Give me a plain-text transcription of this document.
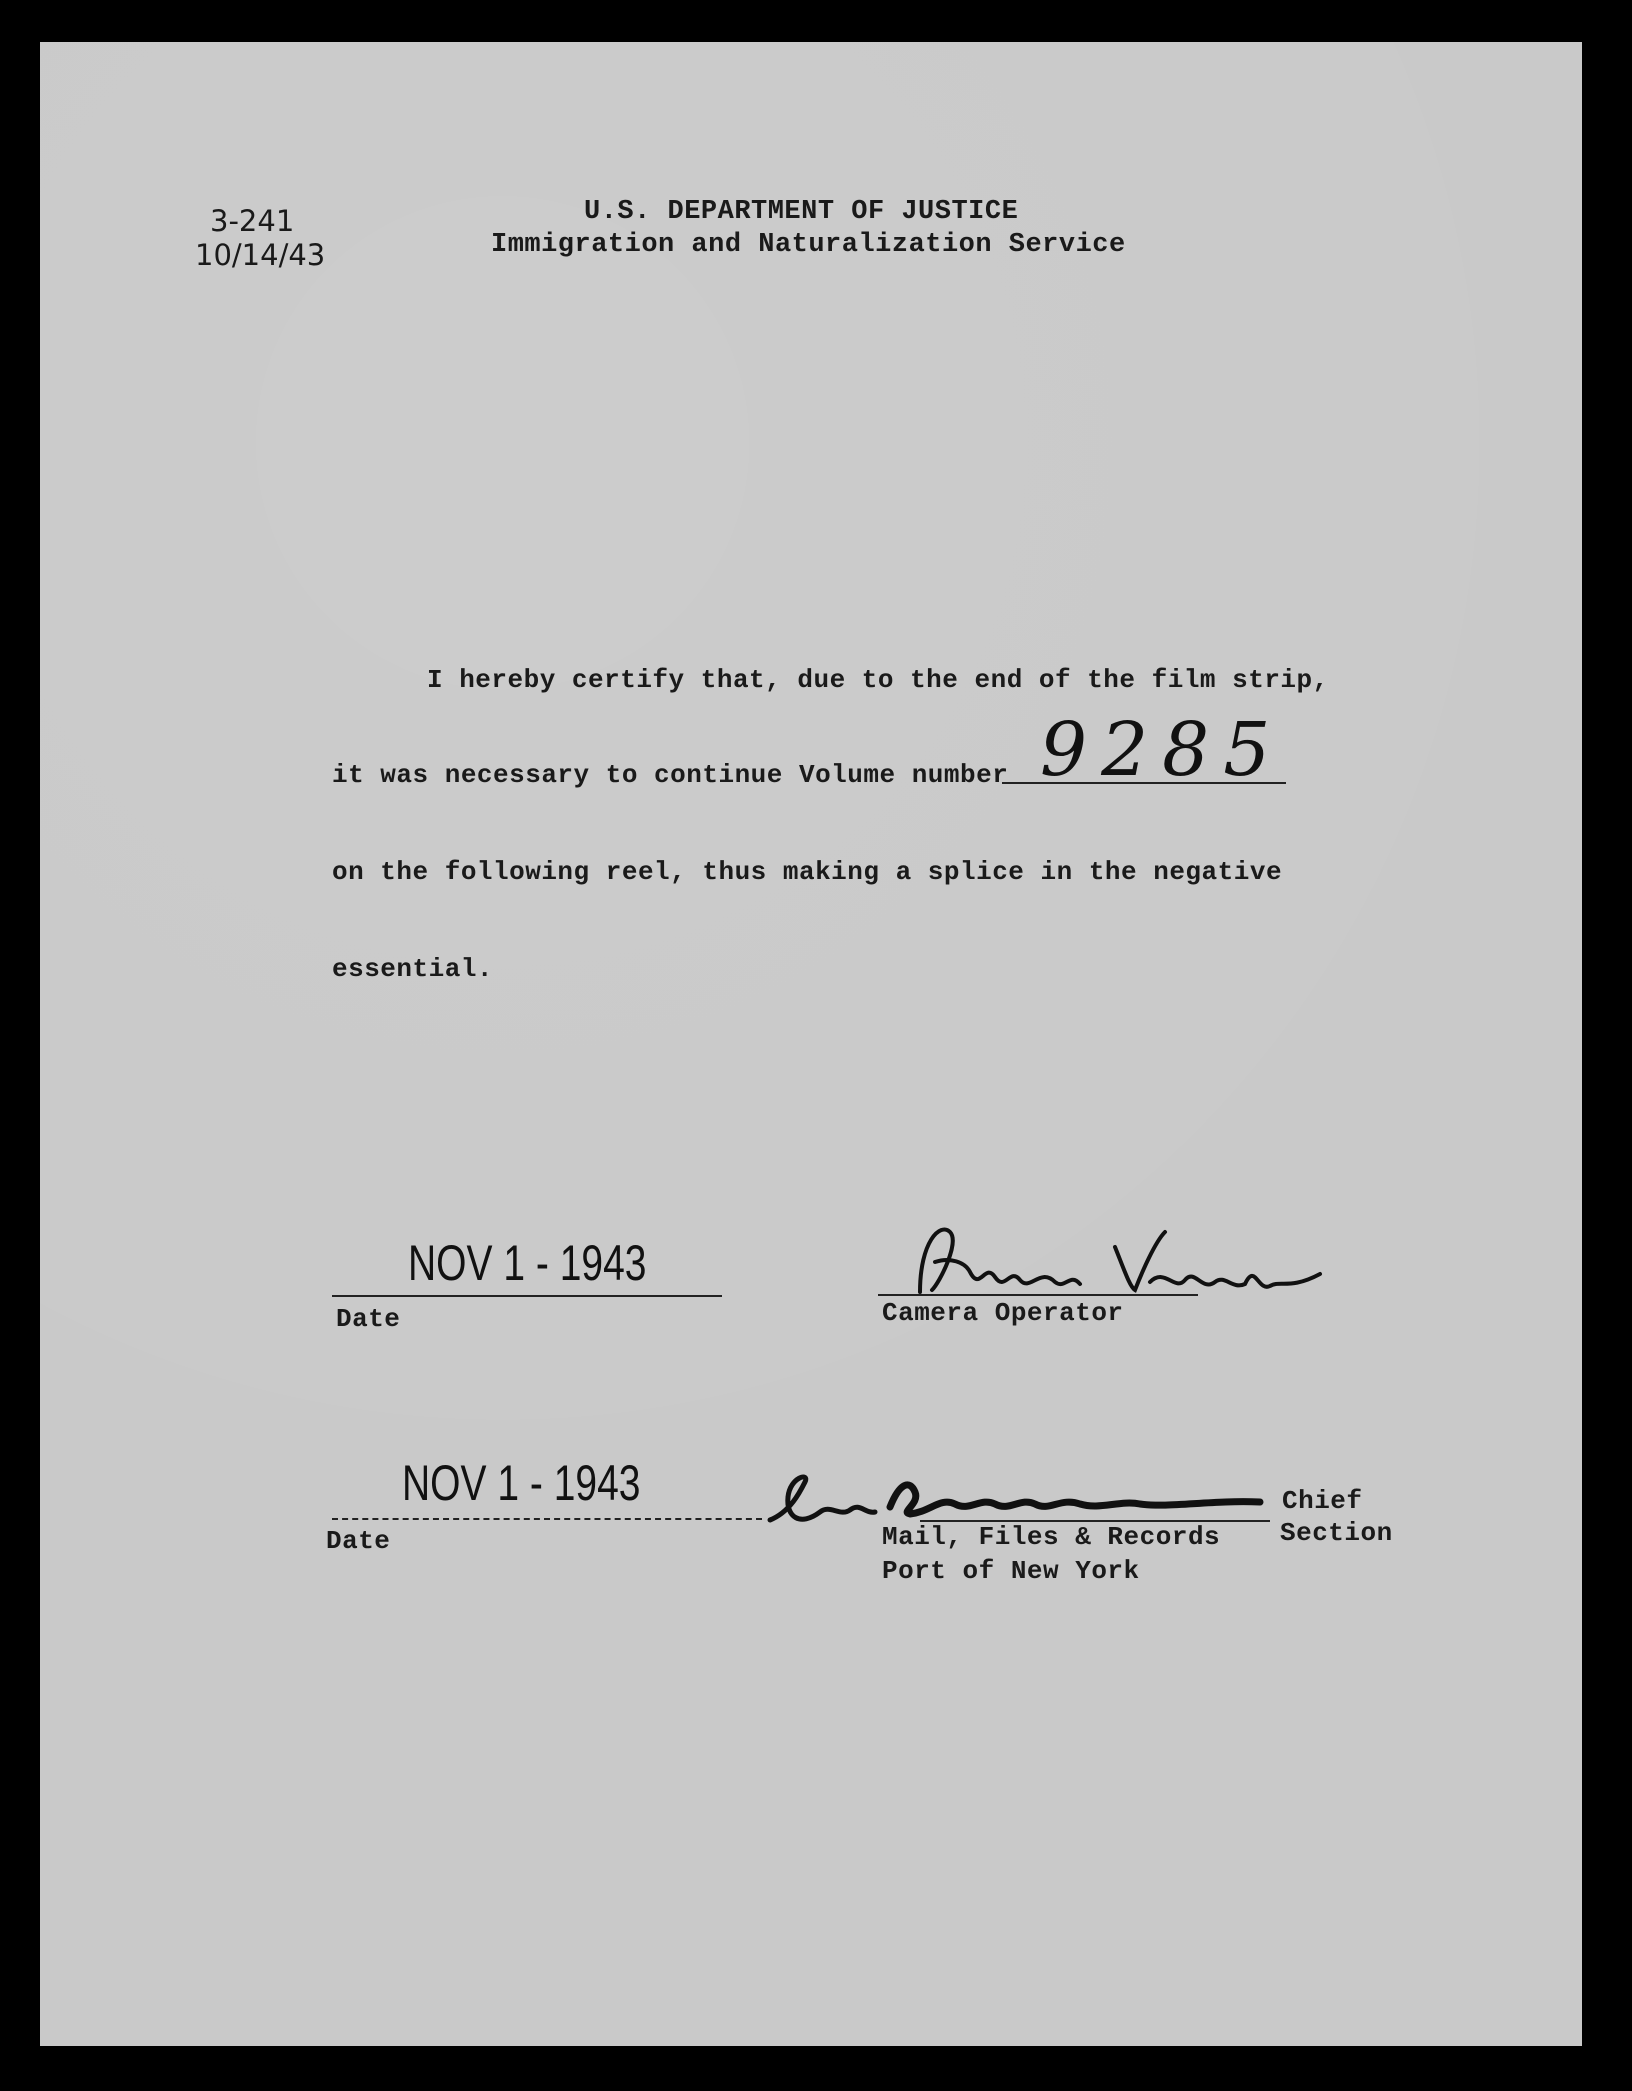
3-241
10/14/43
U.S. DEPARTMENT OF JUSTICE
Immigration and Naturalization Service
I hereby certify that, due to the end of the film strip,
it was necessary to continue Volume number 9285
on the following reel, thus making a splice in the negative
essential.
NOV 1 - 1943
Date	Camera Operator
NOV 1 - 1943
Date
Chief
Mail, Files & Records Section
Port of New York
